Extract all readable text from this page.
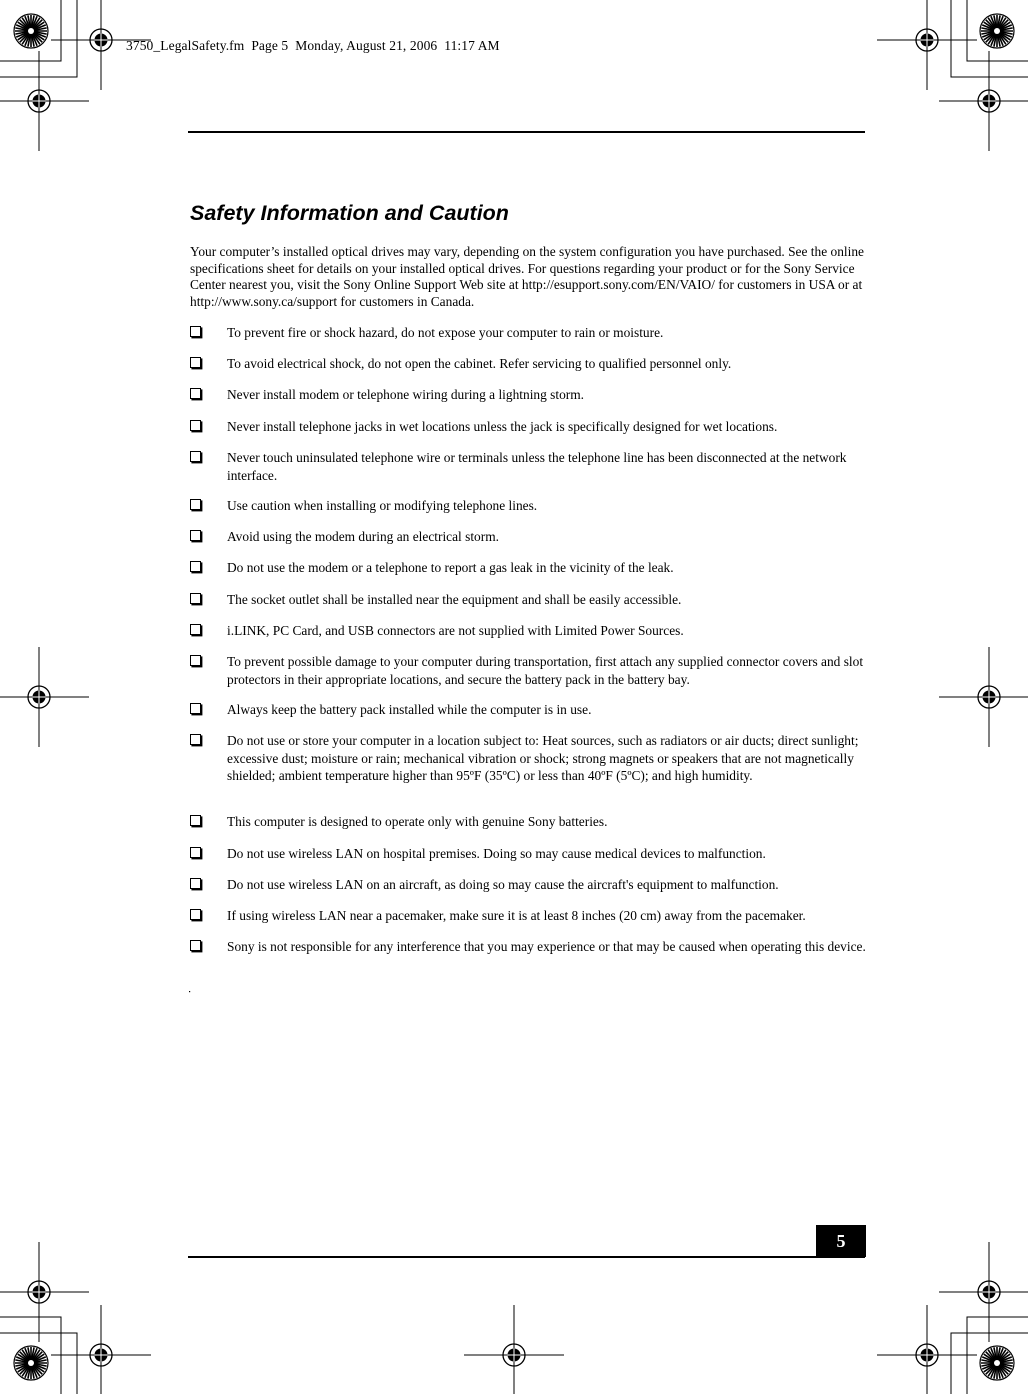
3750_LegalSafety.fm  Page 5  Monday, August 21, 2006  11:17 AM
Safety Information and Caution

Your computer’s installed optical drives may vary, depending on the system configuration you have purchased. See the online specifications sheet for details on your installed optical drives. For questions regarding your product or for the Sony Service Center nearest you, visit the Sony Online Support Web site at http://esupport.sony.com/EN/VAIO/ for customers in USA or at http://www.sony.ca/support for customers in Canada.

To prevent fire or shock hazard, do not expose your computer to rain or moisture.
To avoid electrical shock, do not open the cabinet. Refer servicing to qualified personnel only.
Never install modem or telephone wiring during a lightning storm.
Never install telephone jacks in wet locations unless the jack is specifically designed for wet locations.
Never touch uninsulated telephone wire or terminals unless the telephone line has been disconnected at the network interface.
Use caution when installing or modifying telephone lines.
Avoid using the modem during an electrical storm.
Do not use the modem or a telephone to report a gas leak in the vicinity of the leak.
The socket outlet shall be installed near the equipment and shall be easily accessible.
i.LINK, PC Card, and USB connectors are not supplied with Limited Power Sources.
To prevent possible damage to your computer during transportation, first attach any supplied connector covers and slot protectors in their appropriate locations, and secure the battery pack in the battery bay.
Always keep the battery pack installed while the computer is in use.
Do not use or store your computer in a location subject to: Heat sources, such as radiators or air ducts; direct sunlight; excessive dust; moisture or rain; mechanical vibration or shock; strong magnets or speakers that are not magnetically shielded; ambient temperature higher than 95ºF (35ºC) or less than 40ºF (5ºC); and high humidity.
This computer is designed to operate only with genuine Sony batteries.
Do not use wireless LAN on hospital premises. Doing so may cause medical devices to malfunction.
Do not use wireless LAN on an aircraft, as doing so may cause the aircraft's equipment to malfunction.
If using wireless LAN near a pacemaker, make sure it is at least 8 inches (20 cm) away from the pacemaker.
Sony is not responsible for any interference that you may experience or that may be caused when operating this device.
5
